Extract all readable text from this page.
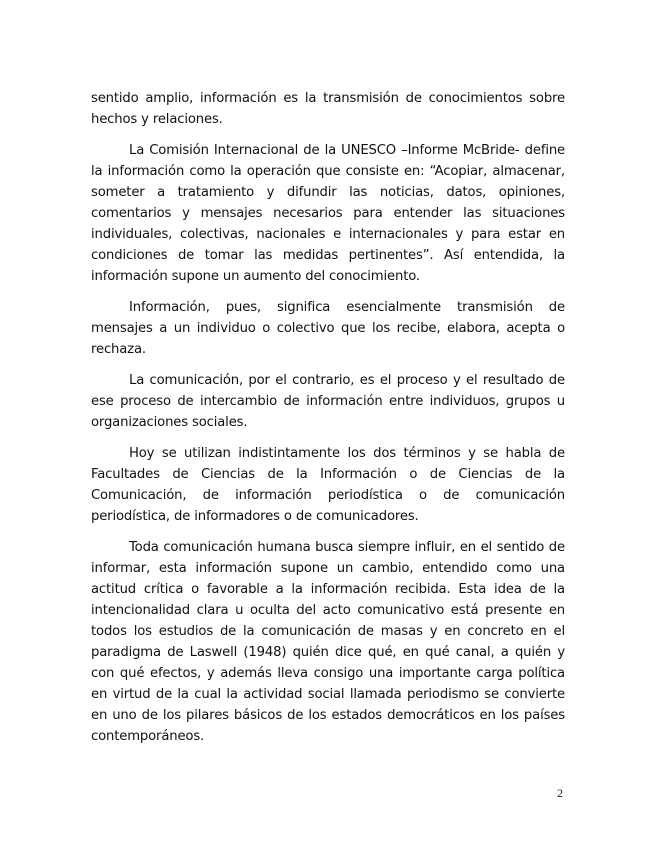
sentido amplio, información es la transmisión de conocimientos sobre hechos y relaciones.

La Comisión Internacional de la UNESCO –Informe McBride- define la información como la operación que consiste en: “Acopiar, almacenar, someter a tratamiento y difundir las noticias, datos, opiniones, comentarios y mensajes necesarios para entender las situaciones individuales, colectivas, nacionales e internacionales y para estar en condiciones de tomar las medidas pertinentes”. Así entendida, la información supone un aumento del conocimiento.

Información, pues, significa esencialmente transmisión de mensajes a un individuo o colectivo que los recibe, elabora, acepta o rechaza.

La comunicación, por el contrario, es el proceso y el resultado de ese proceso de intercambio de información entre individuos, grupos u organizaciones sociales.

Hoy se utilizan indistintamente los dos términos y se habla de Facultades de Ciencias de la Información o de Ciencias de la Comunicación, de información periodística o de comunicación periodística, de informadores o de comunicadores.

Toda comunicación humana busca siempre influir, en el sentido de informar, esta información supone un cambio, entendido como una actitud crítica o favorable a la información recibida. Esta idea de la intencionalidad clara u oculta del acto comunicativo está presente en todos los estudios de la comunicación de masas y en concreto en el paradigma de Laswell (1948) quién dice qué, en qué canal, a quién y con qué efectos, y además lleva consigo una importante carga política en virtud de la cual la actividad social llamada periodismo se convierte en uno de los pilares básicos de los estados democráticos en los países contemporáneos.

2
